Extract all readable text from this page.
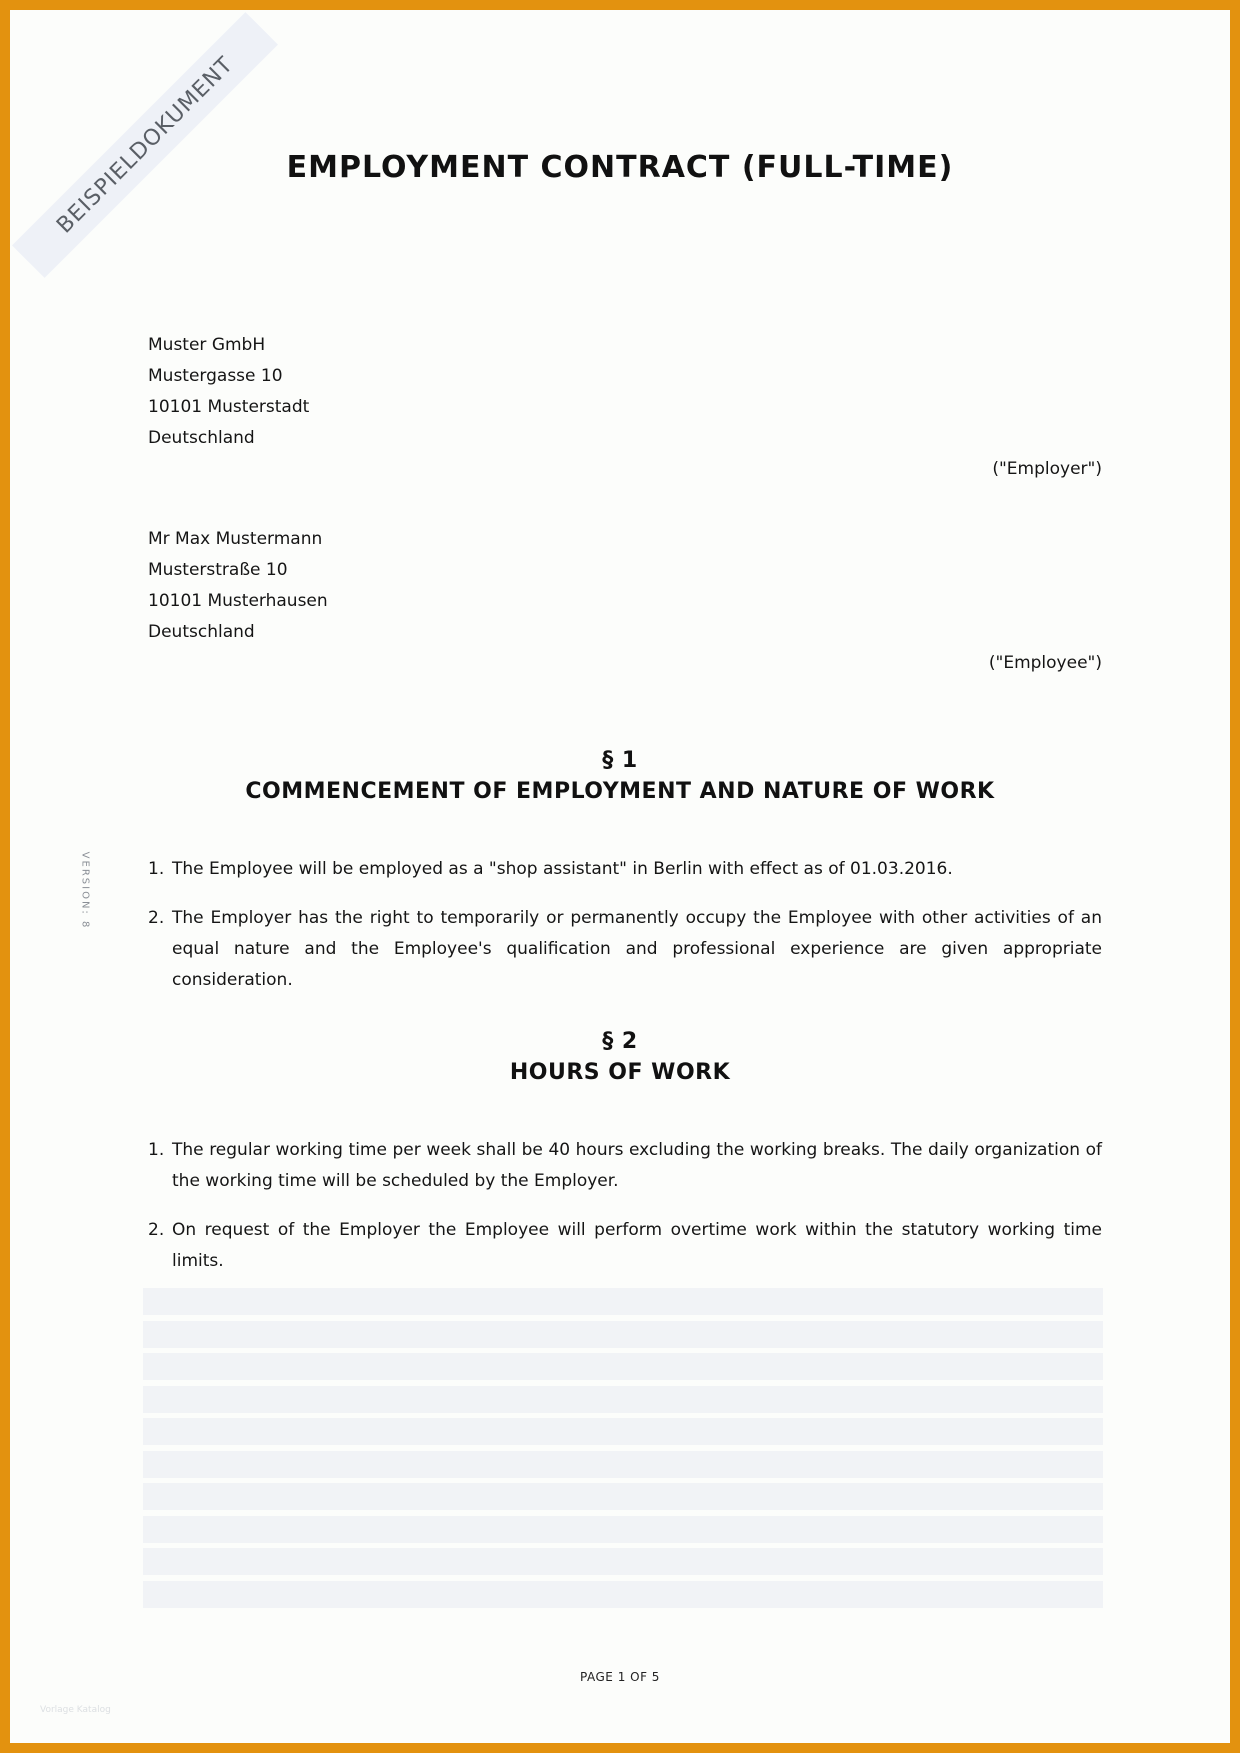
BEISPIELDOKUMENT
VERSION: 8
EMPLOYMENT CONTRACT (FULL-TIME)
Muster GmbH
Mustergasse 10
10101 Musterstadt
Deutschland
("Employer")
Mr Max Mustermann
Musterstraße 10
10101 Musterhausen
Deutschland
("Employee")
§ 1
COMMENCEMENT OF EMPLOYMENT AND NATURE OF WORK
1. The Employee will be employed as a "shop assistant" in Berlin with effect as of 01.03.2016.
2. The Employer has the right to temporarily or permanently occupy the Employee with other activities of an equal nature and the Employee's qualification and professional experience are given appropriate consideration.
§ 2
HOURS OF WORK
1. The regular working time per week shall be 40 hours excluding the working breaks. The daily organization of the working time will be scheduled by the Employer.
2. On request of the Employer the Employee will perform overtime work within the statutory working time limits.
PAGE 1 OF 5
Vorlage Katalog
